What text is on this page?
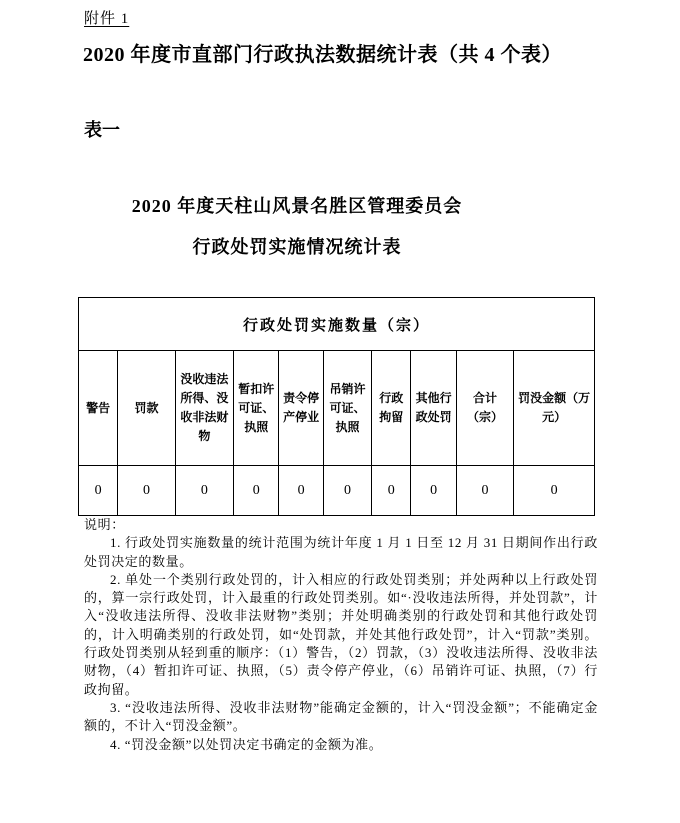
附件 1
2020 年度市直部门行政执法数据统计表（共 4 个表）
表一
2020 年度天柱山风景名胜区管理委员会
行政处罚实施情况统计表
行政处罚实施数量（宗）									
警告	罚款	没收违法所得、没收非法财物	暂扣许可证、执照	责令停产停业	吊销许可证、执照	行政拘留	其他行政处罚	合计（宗）	罚没金额（万元）
0	0	0	0	0	0	0	0	0	0
说明：
1. 行政处罚实施数量的统计范围为统计年度 1 月 1 日至 12 月 31 日期间作出行政处罚决定的数量。
2. 单处一个类别行政处罚的，计入相应的行政处罚类别；并处两种以上行政处罚的，算一宗行政处罚，计入最重的行政处罚类别。如“·没收违法所得，并处罚款”，计入“没收违法所得、没收非法财物”类别；并处明确类别的行政处罚和其他行政处罚的，计入明确类别的行政处罚，如“处罚款，并处其他行政处罚”，计入“罚款”类别。行政处罚类别从轻到重的顺序：（1）警告，（2）罚款，（3）没收违法所得、没收非法财物，（4）暂扣许可证、执照，（5）责令停产停业，（6）吊销许可证、执照，（7）行政拘留。
3. “没收违法所得、没收非法财物”能确定金额的，计入“罚没金额”；不能确定金额的，不计入“罚没金额”。
4. “罚没金额”以处罚决定书确定的金额为准。
